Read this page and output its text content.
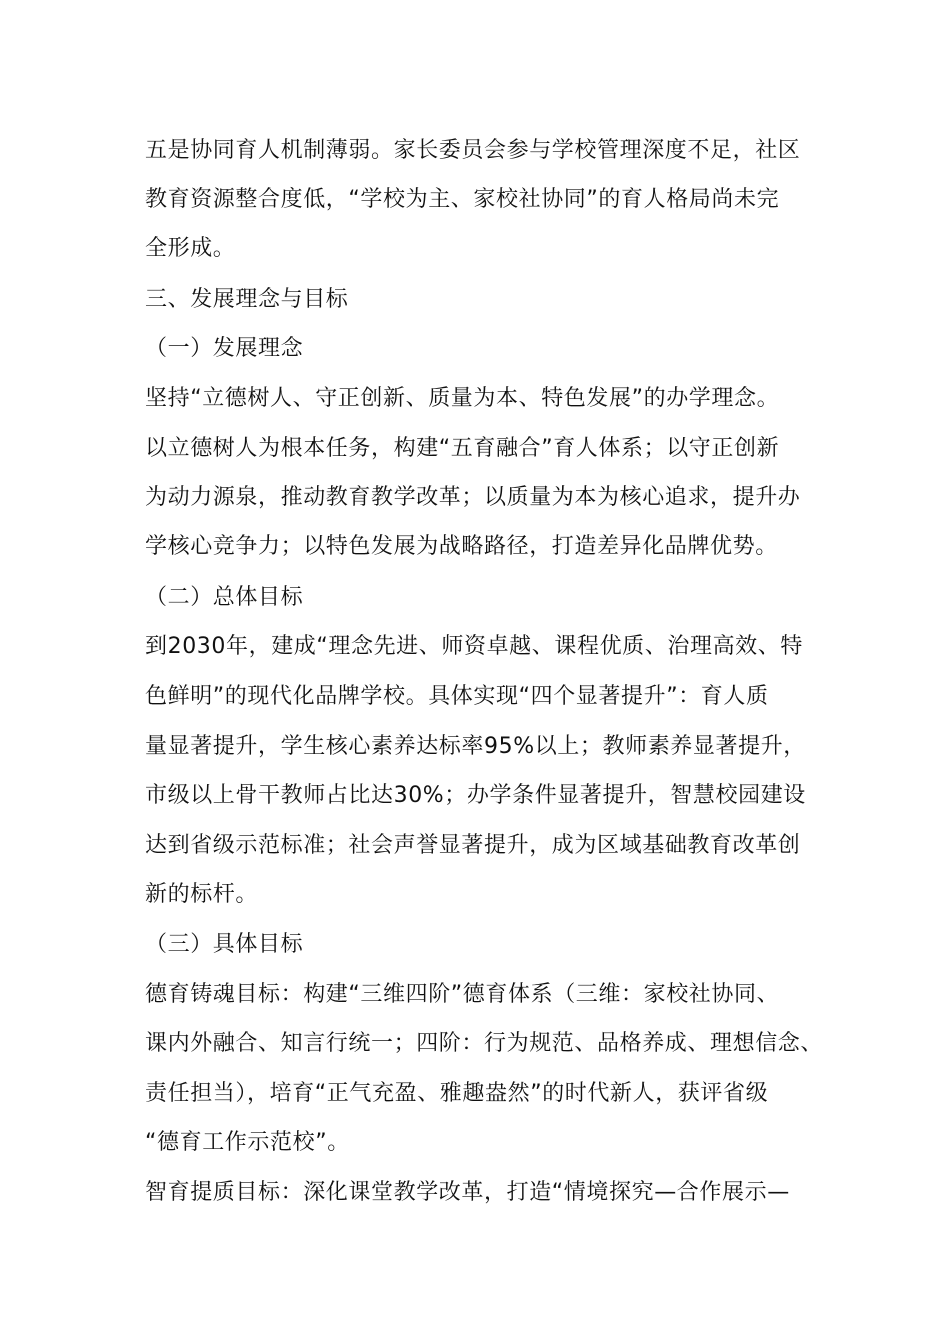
五是协同育人机制薄弱。家长委员会参与学校管理深度不足，社区
教育资源整合度低，“学校为主、家校社协同”的育人格局尚未完
全形成。
三、发展理念与目标
（一）发展理念
坚持“立德树人、守正创新、质量为本、特色发展”的办学理念。
以立德树人为根本任务，构建“五育融合”育人体系；以守正创新
为动力源泉，推动教育教学改革；以质量为本为核心追求，提升办
学核心竞争力；以特色发展为战略路径，打造差异化品牌优势。
（二）总体目标
到2030年，建成“理念先进、师资卓越、课程优质、治理高效、特
色鲜明”的现代化品牌学校。具体实现“四个显著提升”：育人质
量显著提升，学生核心素养达标率95%以上；教师素养显著提升，
市级以上骨干教师占比达30%；办学条件显著提升，智慧校园建设
达到省级示范标准；社会声誉显著提升，成为区域基础教育改革创
新的标杆。
（三）具体目标
德育铸魂目标：构建“三维四阶”德育体系（三维：家校社协同、
课内外融合、知言行统一；四阶：行为规范、品格养成、理想信念、
责任担当），培育“正气充盈、雅趣盎然”的时代新人，获评省级
“德育工作示范校”。
智育提质目标：深化课堂教学改革，打造“情境探究—合作展示—
